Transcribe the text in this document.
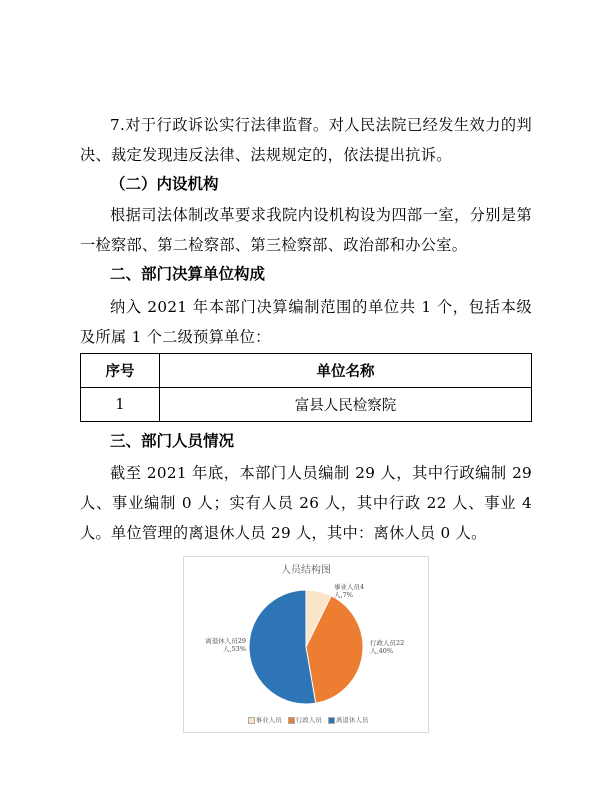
7.对于行政诉讼实行法律监督。对人民法院已经发生效力的判决、裁定发现违反法律、法规规定的，依法提出抗诉。

（二）内设机构

根据司法体制改革要求我院内设机构设为四部一室，分别是第一检察部、第二检察部、第三检察部、政治部和办公室。

二、部门决算单位构成

纳入 2021 年本部门决算编制范围的单位共 1 个，包括本级及所属 1 个二级预算单位：

序号	单位名称
1	富县人民检察院

三、部门人员情况

截至 2021 年底，本部门人员编制 29 人，其中行政编制 29 人、事业编制 0 人；实有人员 26 人，其中行政 22 人、事业 4 人。单位管理的离退休人员 29 人，其中：离休人员 0 人。

人员结构图
事业人员4人,7%
行政人员22人,40%
离退休人员29人,53%
事业人员 行政人员 离退休人员
